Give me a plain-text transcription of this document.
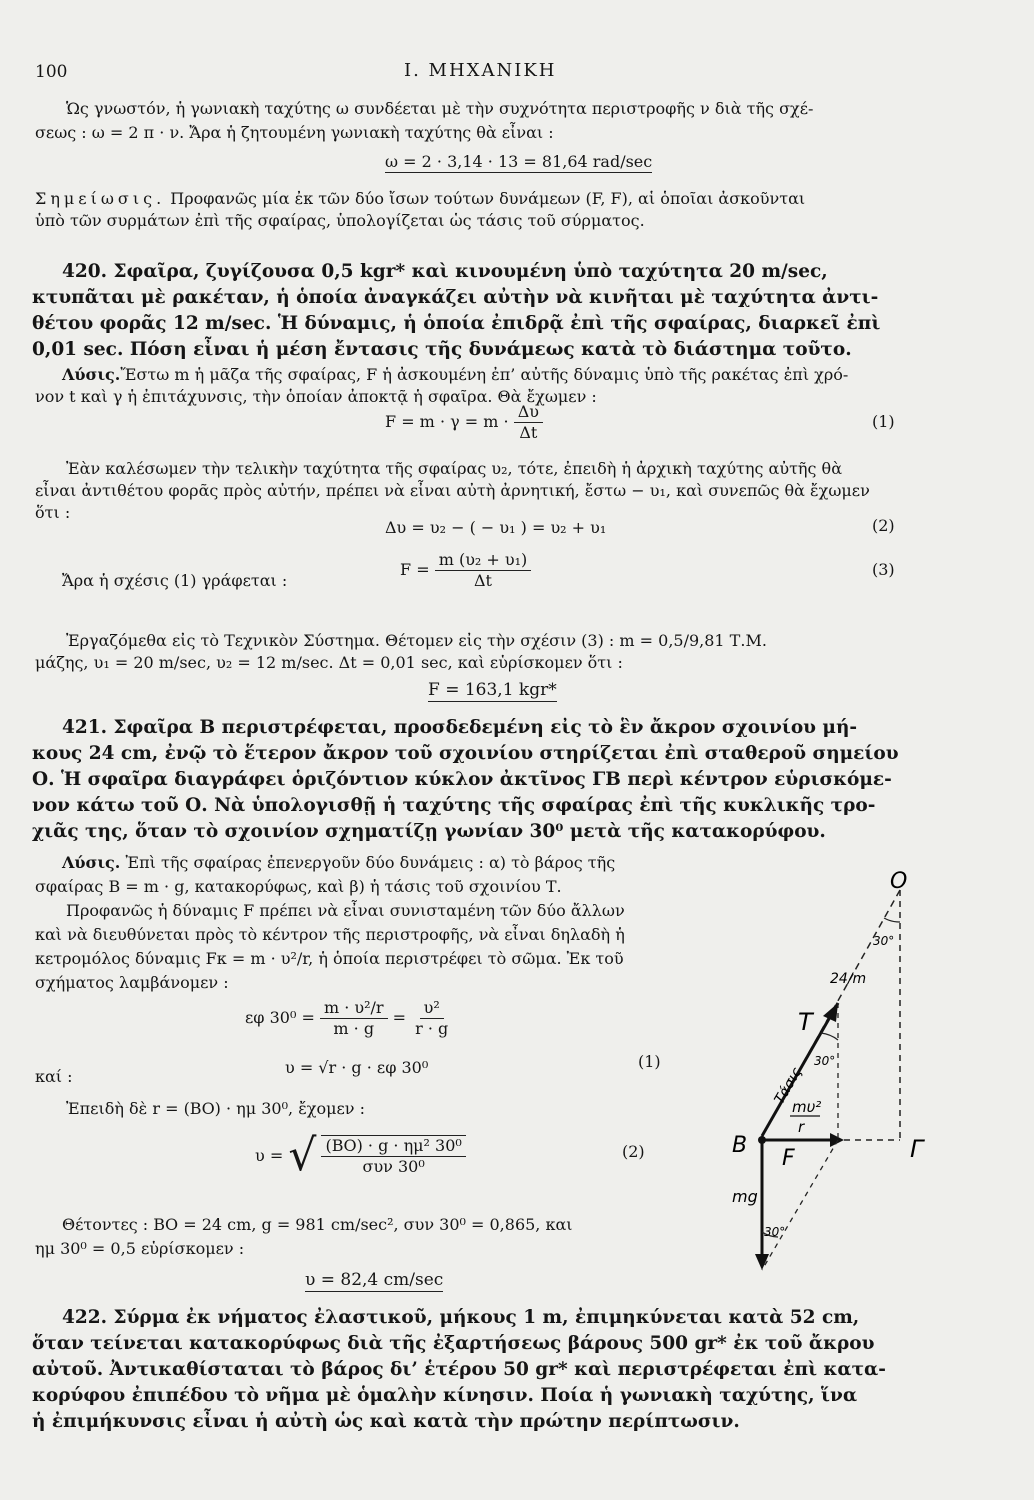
100	Ι. ΜΗΧΑΝΙΚΗ
Ὡς γνωστόν, ἡ γωνιακὴ ταχύτης ω συνδέεται μὲ τὴν συχνότητα περιστροφῆς ν διὰ τῆς σχέ-
σεως : ω = 2 π · ν. Ἄρα ἡ ζητουμένη γωνιακὴ ταχύτης θὰ εἶναι :
ω = 2 · 3,14 · 13 = 81,64 rad/sec
Σημείωσις. Προφανῶς μία ἐκ τῶν δύο ἴσων τούτων δυνάμεων (F, F), αἱ ὁποῖαι ἀσκοῦνται
ὑπὸ τῶν συρμάτων ἐπὶ τῆς σφαίρας, ὑπολογίζεται ὡς τάσις τοῦ σύρματος.
420. Σφαῖρα, ζυγίζουσα 0,5 kgr* καὶ κινουμένη ὑπὸ ταχύτητα 20 m/sec,
κτυπᾶται μὲ ρακέταν, ἡ ὁποία ἀναγκάζει αὐτὴν νὰ κινῆται μὲ ταχύτητα ἀντι-
θέτου φορᾶς 12 m/sec. Ἡ δύναμις, ἡ ὁποία ἐπιδρᾷ ἐπὶ τῆς σφαίρας, διαρκεῖ ἐπὶ
0,01 sec. Πόση εἶναι ἡ μέση ἔντασις τῆς δυνάμεως κατὰ τὸ διάστημα τοῦτο.
Λύσις.Ἔστω m ἡ μᾶζα τῆς σφαίρας, F ἡ ἀσκουμένη ἐπ’ αὐτῆς δύναμις ὑπὸ τῆς ρακέτας ἐπὶ χρό-
νον t καὶ γ ἡ ἐπιτάχυνσις, τὴν ὁποίαν ἀποκτᾷ ἡ σφαῖρα. Θὰ ἔχωμεν :
$F = m \cdot \gamma = m \cdot \frac{\Delta\upsilon}{\Delta t}$	(1)
Ἐὰν καλέσωμεν τὴν τελικὴν ταχύτητα τῆς σφαίρας υ₂, τότε, ἐπειδὴ ἡ ἀρχικὴ ταχύτης αὐτῆς θὰ
εἶναι ἀντιθέτου φορᾶς πρὸς αὐτήν, πρέπει νὰ εἶναι αὐτὴ ἀρνητική, ἔστω − υ₁, καὶ συνεπῶς θὰ ἔχωμεν
ὅτι :
Δυ = υ₂ − ( − υ₁ ) = υ₂ + υ₁	(2)
Ἄρα ἡ σχέσις (1) γράφεται :
$F = \frac{\text{m (υ₂ + υ₁)}}{\Delta t}$	(3)
Ἐργαζόμεθα εἰς τὸ Τεχνικὸν Σύστημα. Θέτομεν εἰς τὴν σχέσιν (3) : m = 0,5/9,81 Τ.Μ.
μάζης, υ₁ = 20 m/sec, υ₂ = 12 m/sec. Δt = 0,01 sec, καὶ εὑρίσκομεν ὅτι :
F = 163,1 kgr*
421. Σφαῖρα Β περιστρέφεται, προσδεδεμένη εἰς τὸ ἓν ἄκρον σχοινίου μή-
κους 24 cm, ἐνῷ τὸ ἕτερον ἄκρον τοῦ σχοινίου στηρίζεται ἐπὶ σταθεροῦ σημείου
Ο. Ἡ σφαῖρα διαγράφει ὁριζόντιον κύκλον ἀκτῖνος ΓΒ περὶ κέντρον εὑρισκόμε-
νον κάτω τοῦ Ο. Νὰ ὑπολογισθῇ ἡ ταχύτης τῆς σφαίρας ἐπὶ τῆς κυκλικῆς τρο-
χιᾶς της, ὅταν τὸ σχοινίον σχηματίζῃ γωνίαν 30⁰ μετὰ τῆς κατακορύφου.
Λύσις. Ἐπὶ τῆς σφαίρας ἐπενεργοῦν δύο δυνάμεις : α) τὸ βάρος τῆς
σφαίρας Β = m · g, κατακορύφως, καὶ β) ἡ τάσις τοῦ σχοινίου Τ.
Προφανῶς ἡ δύναμις F πρέπει νὰ εἶναι συνισταμένη τῶν δύο ἄλλων
καὶ νὰ διευθύνεται πρὸς τὸ κέντρον τῆς περιστροφῆς, νὰ εἶναι δηλαδὴ ἡ
κετρομόλος δύναμις Fκ = m · υ²/r, ἡ ὁποία περιστρέφει τὸ σῶμα. Ἐκ τοῦ
σχήματος λαμβάνομεν :
εφ $30^0 = \frac{\text{m · υ²/r}}{m \cdot g} = \frac{\text{υ²}}{r \cdot g}$
καί :	υ = √r · g · εφ 30⁰	(1)
Ἐπειδὴ δὲ r = (ΒΟ) · ημ 30⁰, ἔχομεν :
υ = √ $\frac{\text{(ΒΟ) · g · ημ² 30⁰}}{\text{συν 30⁰}}$	(2)
Θέτοντες : ΒΟ = 24 cm, g = 981 cm/sec², συν 30⁰ = 0,865, και
ημ 30⁰ = 0,5 εὑρίσκομεν :
υ = 82,4 cm/sec
O
30°
24/m
T
Τάσις
30°
mυ²
r
B
F	Γ
mg
30°
422. Σύρμα ἐκ νήματος ἐλαστικοῦ, μήκους 1 m, ἐπιμηκύνεται κατὰ 52 cm,
ὅταν τείνεται κατακορύφως διὰ τῆς ἐξαρτήσεως βάρους 500 gr* ἐκ τοῦ ἄκρου
αὐτοῦ. Ἀντικαθίσταται τὸ βάρος δι’ ἑτέρου 50 gr* καὶ περιστρέφεται ἐπὶ κατα-
κορύφου ἐπιπέδου τὸ νῆμα μὲ ὁμαλὴν κίνησιν. Ποία ἡ γωνιακὴ ταχύτης, ἵνα
ἡ ἐπιμήκυνσις εἶναι ἡ αὐτὴ ὡς καὶ κατὰ τὴν πρώτην περίπτωσιν.
